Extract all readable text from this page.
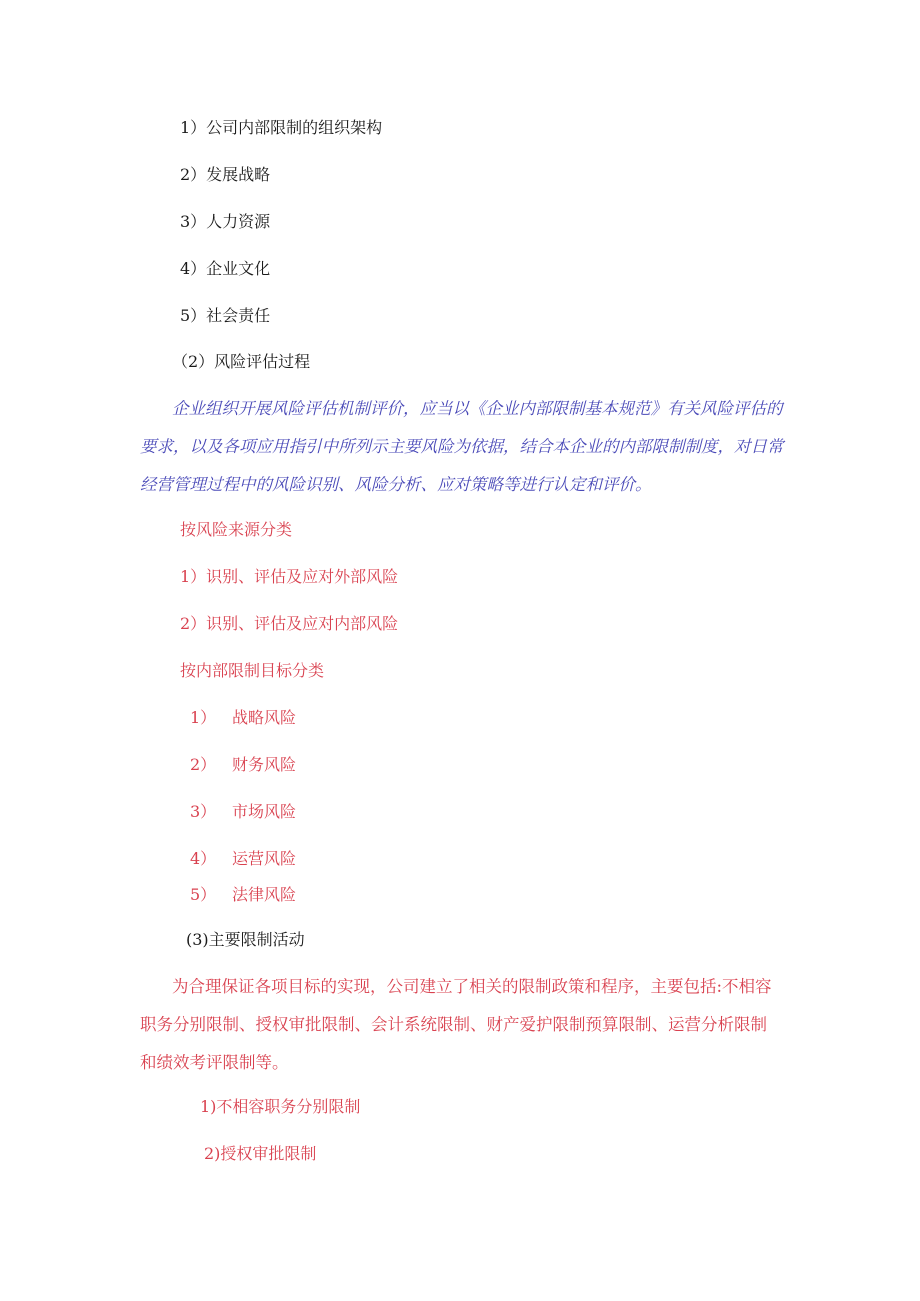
1）公司内部限制的组织架构
2）发展战略
3）人力资源
4）企业文化
5）社会责任
（2）风险评估过程
企业组织开展风险评估机制评价，应当以《企业内部限制基本规范》有关风险评估的
要求，以及各项应用指引中所列示主要风险为依据，结合本企业的内部限制制度，对日常
经营管理过程中的风险识别、风险分析、应对策略等进行认定和评价。
按风险来源分类
1）识别、评估及应对外部风险
2）识别、评估及应对内部风险
按内部限制目标分类
1） 战略风险
2） 财务风险
3） 市场风险
4） 运营风险
5） 法律风险
(3)主要限制活动
为合理保证各项目标的实现，公司建立了相关的限制政策和程序，主要包括:不相容
职务分别限制、授权审批限制、会计系统限制、财产爱护限制预算限制、运营分析限制
和绩效考评限制等。
1)不相容职务分别限制
2)授权审批限制
